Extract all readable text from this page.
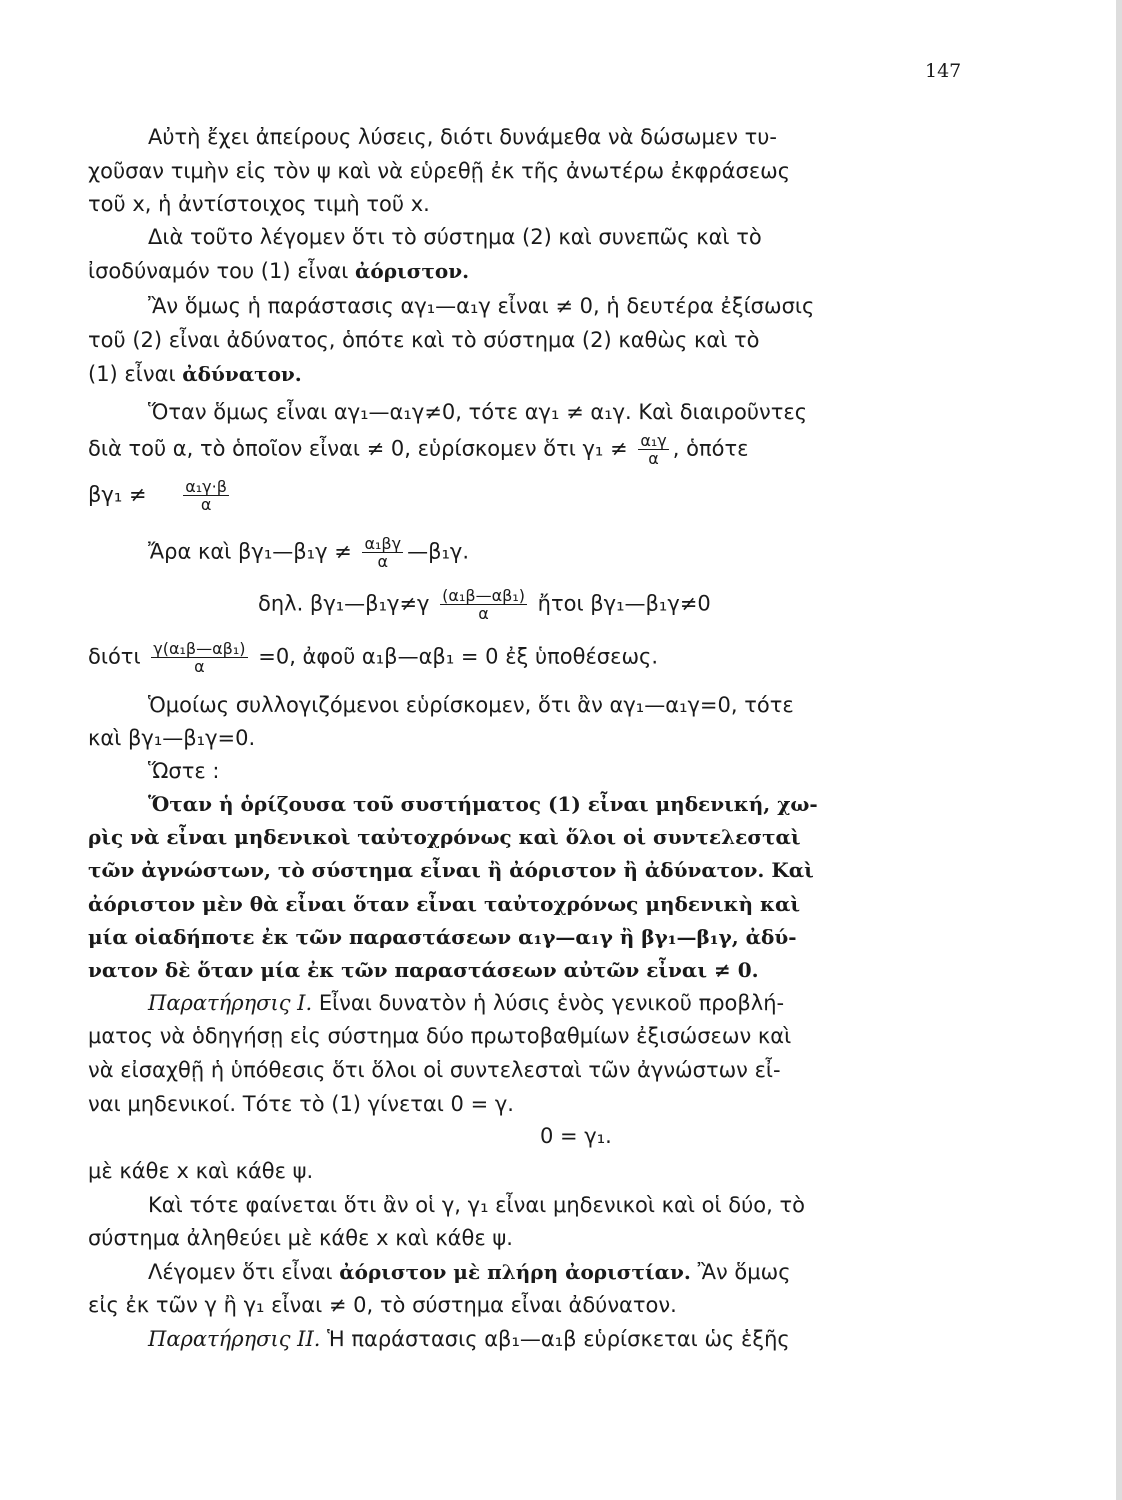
147
Αὐτὴ ἔχει ἀπείρους λύσεις, διότι δυνάμεθα νὰ δώσωμεν τυ-
χοῦσαν τιμὴν εἰς τὸν ψ καὶ νὰ εὑρεθῇ ἐκ τῆς ἀνωτέρω ἐκφράσεως
τοῦ x, ἡ ἀντίστοιχος τιμὴ τοῦ x.
Διὰ τοῦτο λέγομεν ὅτι τὸ σύστημα (2) καὶ συνεπῶς καὶ τὸ
ἰσοδύναμόν του (1) εἶναι ἀόριστον.
Ἂν ὅμως ἡ παράστασις αγ₁—α₁γ εἶναι ≠ 0, ἡ δευτέρα ἐξίσωσις
τοῦ (2) εἶναι ἀδύνατος, ὁπότε καὶ τὸ σύστημα (2) καθὼς καὶ τὸ
(1) εἶναι ἀδύνατον.
Ὅταν ὅμως εἶναι αγ₁—α₁γ≠0, τότε αγ₁ ≠ α₁γ. Καὶ διαιροῦντες
διὰ τοῦ α, τὸ ὁποῖον εἶναι ≠ 0, εὑρίσκομεν ὅτι $\gamma_1 \ne \frac{\text{α₁γ}}{\alpha}$ , ὁπότε
$\beta\gamma_1 \ne \frac{\text{α₁γ·β}}{\alpha}$
Ἄρα καὶ βγ₁—β₁γ ≠ $\frac{\text{α₁βγ}}{\alpha}$ —β₁γ.
δηλ. βγ₁—β₁γ≠γ $\frac{\text{(α₁β—αβ₁)}}{\alpha}$ ἤτοι βγ₁—β₁γ≠0
διότι $\frac{\text{γ(α₁β—αβ₁)}}{\alpha} =0$, ἀφοῦ α₁β—αβ₁ = 0 ἐξ ὑποθέσεως.
Ὁμοίως συλλογιζόμενοι εὑρίσκομεν, ὅτι ἂν αγ₁—α₁γ=0, τότε
καὶ βγ₁—β₁γ=0.
Ὥστε :
Ὅταν ἡ ὁρίζουσα τοῦ συστήματος (1) εἶναι μηδενική, χω-
ρὶς νὰ εἶναι μηδενικοὶ ταὐτοχρόνως καὶ ὅλοι οἱ συντελεσταὶ
τῶν ἀγνώστων, τὸ σύστημα εἶναι ἢ ἀόριστον ἢ ἀδύνατον. Καὶ
ἀόριστον μὲν θὰ εἶναι ὅταν εἶναι ταὐτοχρόνως μηδενικὴ καὶ
μία οἱαδήποτε ἐκ τῶν παραστάσεων α₁γ—α₁γ ἢ βγ₁—β₁γ, ἀδύ-
νατον δὲ ὅταν μία ἐκ τῶν παραστάσεων αὐτῶν εἶναι ≠ 0.
Παρατήρησις Ι. Εἶναι δυνατὸν ἡ λύσις ἑνὸς γενικοῦ προβλή-
ματος νὰ ὁδηγήσῃ εἰς σύστημα δύο πρωτοβαθμίων ἐξισώσεων καὶ
νὰ εἰσαχθῇ ἡ ὑπόθεσις ὅτι ὅλοι οἱ συντελεσταὶ τῶν ἀγνώστων εἶ-
ναι μηδενικοί. Τότε τὸ (1) γίνεται 0 = γ.
0 = γ₁.
μὲ κάθε x καὶ κάθε ψ.
Καὶ τότε φαίνεται ὅτι ἂν οἱ γ, γ₁ εἶναι μηδενικοὶ καὶ οἱ δύο, τὸ
σύστημα ἀληθεύει μὲ κάθε x καὶ κάθε ψ.
Λέγομεν ὅτι εἶναι ἀόριστον μὲ πλήρη ἀοριστίαν. Ἂν ὅμως
εἰς ἐκ τῶν γ ἢ γ₁ εἶναι ≠ 0, τὸ σύστημα εἶναι ἀδύνατον.
Παρατήρησις ΙΙ. Ἡ παράστασις αβ₁—α₁β εὑρίσκεται ὡς ἑξῆς
